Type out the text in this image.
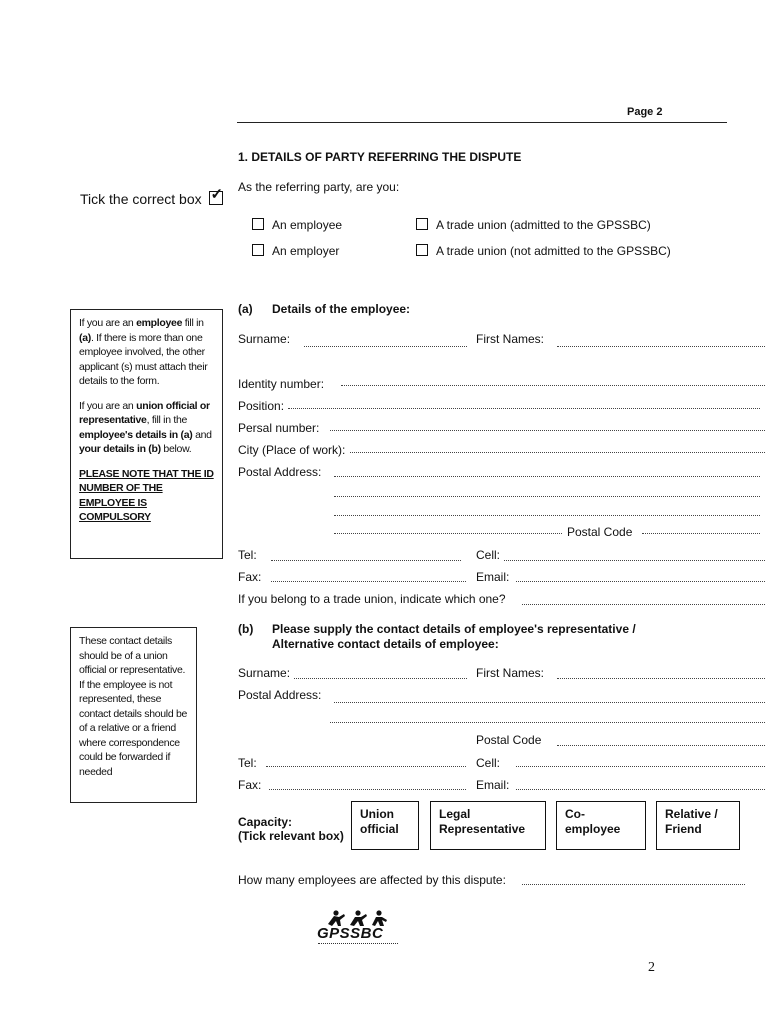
Page 2
1. DETAILS OF PARTY REFERRING THE DISPUTE
As the referring party, are you:
Tick the correct box ✓
An employee
An employer
A trade union (admitted to the GPSSBC)
A trade union (not admitted to the GPSSBC)

If you are an employee fill in (a). If there is more than one employee involved, the other applicant (s) must attach their details to the form.

If you are an union official or representative, fill in the employee's details in (a) and your details in (b) below.

PLEASE NOTE THAT THE ID NUMBER OF THE EMPLOYEE IS COMPULSORY

(a) Details of the employee:
Surname:	First Names:
Identity number:
Position:
Persal number:
City (Place of work):
Postal Address:
Postal Code
Tel:	Cell:
Fax:	Email:
If you belong to a trade union, indicate which one?
These contact details should be of a union official or representative. If the employee is not represented, these contact details should be of a relative or a friend where correspondence could be forwarded if needed
(b) Please supply the contact details of employee's representative /
Alternative contact details of employee:
Surname:	First Names:
Postal Address:
Postal Code
Tel:	Cell:
Fax:	Email:
Capacity:
(Tick relevant box)
Union official
Legal Representative
Co-employee
Relative / Friend
How many employees are affected by this dispute:
GPSSBC
2
